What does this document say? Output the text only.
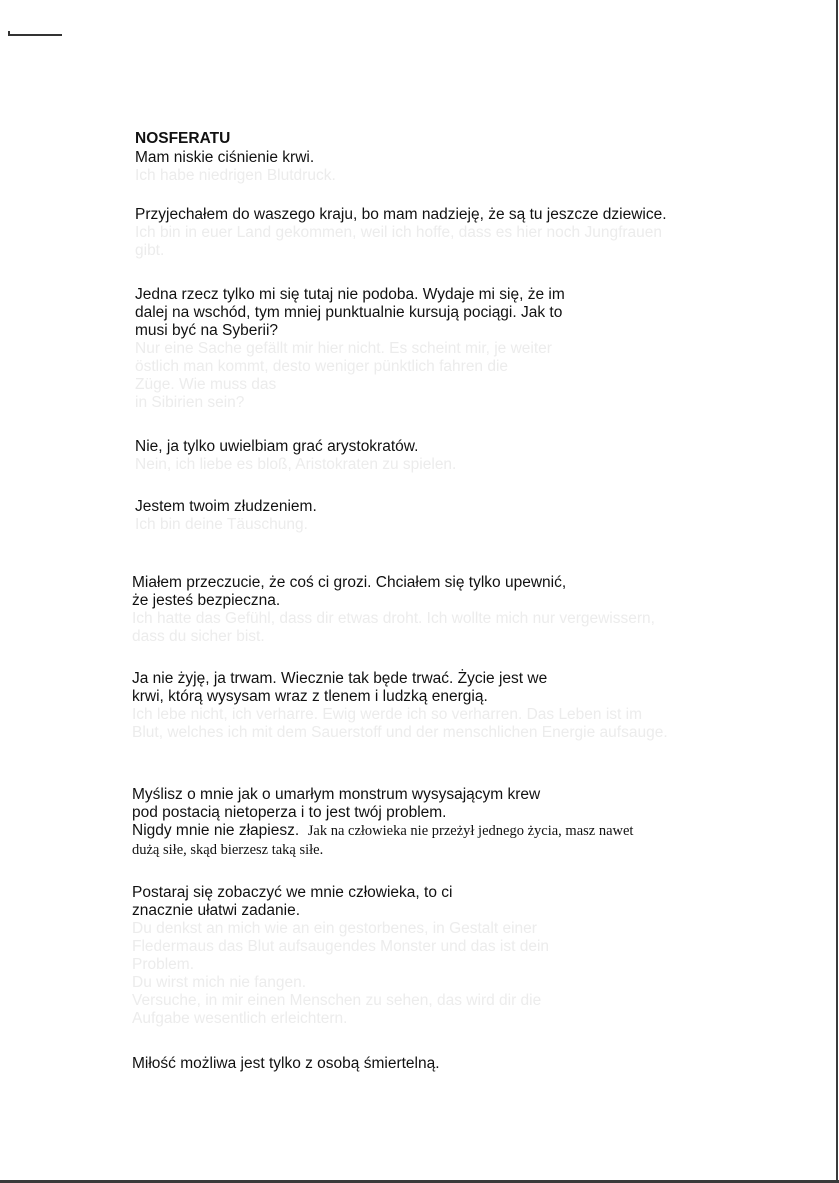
NOSFERATU
Mam niskie ciśnienie krwi.
Ich habe niedrigen Blutdruck.
Przyjechałem do waszego kraju, bo mam nadzieję, że są tu jeszcze dziewice.
Ich bin in euer Land gekommen, weil ich hoffe, dass es hier noch Jungfrauen
gibt.
Jedna rzecz tylko mi się tutaj nie podoba. Wydaje mi się, że im
dalej na wschód, tym mniej punktualnie kursują pociągi. Jak to
musi być na Syberii?
Nur eine Sache gefällt mir hier nicht. Es scheint mir, je weiter
östlich man kommt, desto weniger pünktlich fahren die
Züge. Wie muss das
in Sibirien sein?
Nie, ja tylko uwielbiam grać arystokratów.
Nein, ich liebe es bloß, Aristokraten zu spielen.
Jestem twoim złudzeniem.
Ich bin deine Täuschung.
Miałem przeczucie, że coś ci grozi. Chciałem się tylko upewnić,
że jesteś bezpieczna.
Ich hatte das Gefühl, dass dir etwas droht. Ich wollte mich nur vergewissern,
dass du sicher bist.
Ja nie żyję, ja trwam. Wiecznie tak będe trwać. Życie jest we
krwi, którą wysysam wraz z tlenem i ludzką energią.
Ich lebe nicht, ich verharre. Ewig werde ich so verharren. Das Leben ist im
Blut, welches ich mit dem Sauerstoff und der menschlichen Energie aufsauge.
Myślisz o mnie jak o umarłym monstrum wysysającym krew
pod postacią nietoperza i to jest twój problem.
Nigdy mnie nie złapiesz. Jak na człowieka nie przeżył jednego życia, masz nawet
dużą siłe, skąd bierzesz taką siłe.
Postaraj się zobaczyć we mnie człowieka, to ci
znacznie ułatwi zadanie.
Du denkst an mich wie an ein gestorbenes, in Gestalt einer
Fledermaus das Blut aufsaugendes Monster und das ist dein
Problem.
Du wirst mich nie fangen.
Versuche, in mir einen Menschen zu sehen, das wird dir die
Aufgabe wesentlich erleichtern.
Miłość możliwa jest tylko z osobą śmiertelną.
